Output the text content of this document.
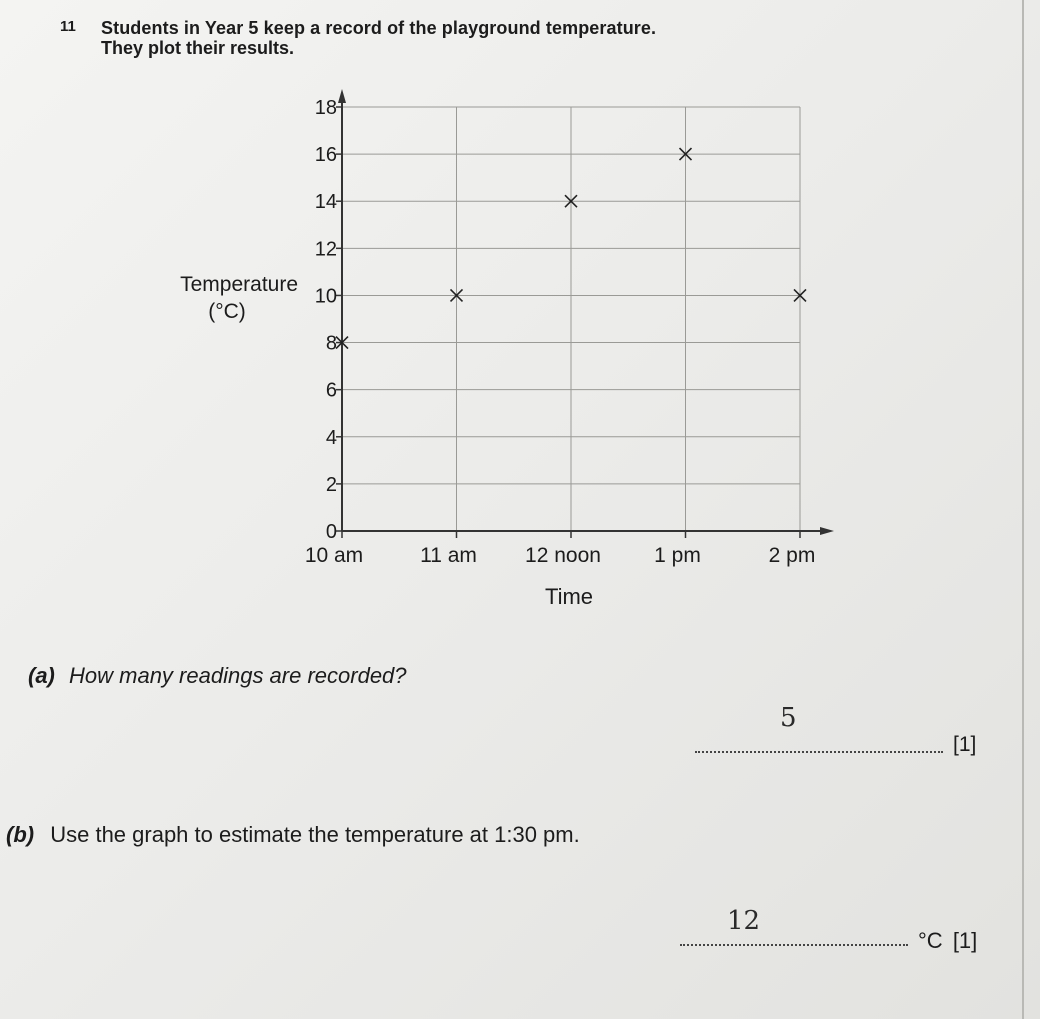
11 Students in Year 5 keep a record of the playground temperature.
They plot their results.
0
2
4
6
8
10
12
14
16
18
10 am	11 am 12 noon	1 pm	2 pm
Temperature
(°C)
Time
(a) How many readings are recorded?
5
[1]
(b) Use the graph to estimate the temperature at 1:30 pm.
12
°C [1]
